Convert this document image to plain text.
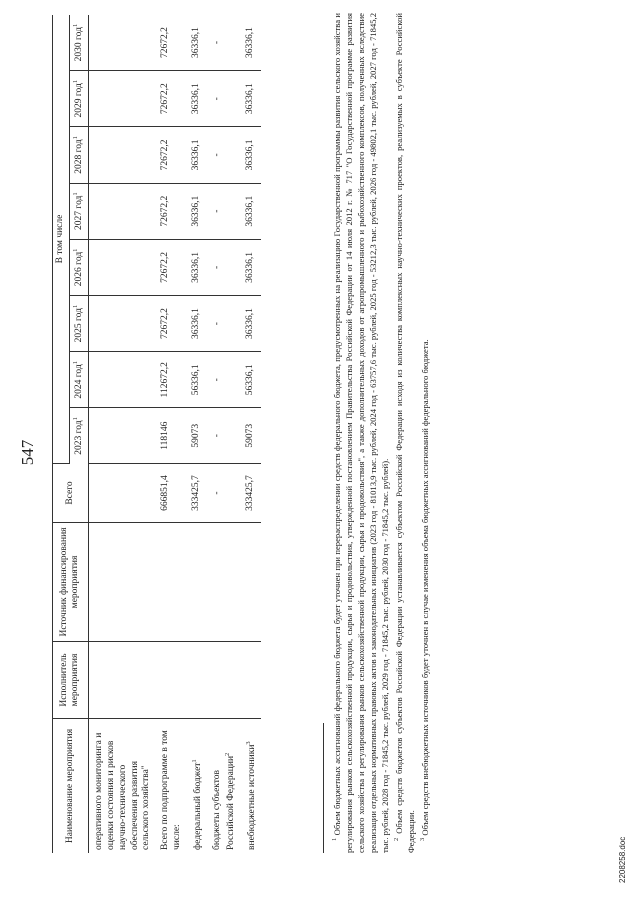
547
Наименование мероприятия	Исполнитель мероприятия	Источник финансирования мероприятия	Всего	В том числе							
				2023 год$^1$	2024 год$^1$	2025 год$^1$	2026 год$^1$	2027 год$^1$	2028 год$^1$	2029 год$^1$	2030 год$^1$
оперативного мониторинга и оценки состояния и рисков научно-технического обеспечения развития сельского хозяйства"											
Всего по подпрограмме в том числе:			666851,4	118146	112672,2	72672,2	72672,2	72672,2	72672,2	72672,2	72672,2
федеральный бюджет$^1$			333425,7	59073	56336,1	36336,1	36336,1	36336,1	36336,1	36336,1	36336,1
бюджеты субъектов Российской Федерации$^2$			-	-	-	-	-	-	-	-	-
внебюджетные источники$^3$			333425,7	59073	56336,1	36336,1	36336,1	36336,1	36336,1	36336,1	36336,1

$^1$ Объем бюджетных ассигнований федерального бюджета будет уточнен при перераспределении средств федерального бюджета, предусмотренных на реализацию Государственной программы развития сельского хозяйства и регулирования рынков сельскохозяйственной продукции, сырья и продовольствия, утвержденной постановлением Правительства Российской Федерации от 14 июля 2012 г. № 717 "О Государственной программе развития сельского хозяйства и регулирования рынков сельскохозяйственной продукции, сырья и продовольствия", а также дополнительных доходов от агропромышленного и рыбохозяйственного комплексов, полученных вследствие реализации отдельных нормативных правовых актов и законодательных инициатив (2023 год - 81013,9 тыс. рублей, 2024 год - 63757,6 тыс. рублей, 2025 год - 53212,3 тыс. рублей, 2026 год - 49802,1 тыс. рублей, 2027 год - 71845,2 тыс. рублей, 2028 год - 71845,2 тыс. рублей, 2029 год - 71845,2 тыс. рублей, 2030 год - 71845,2 тыс. рублей). $^2$ Объем средств бюджетов субъектов Российской Федерации устанавливается субъектом Российской Федерации исходя из количества комплексных научно-технических проектов, реализуемых в субъекте Российской Федерации. $^3$ Объем средств внебюджетных источников будет уточнен в случае изменения объема бюджетных ассигнований федерального бюджета.

2208258.doc
